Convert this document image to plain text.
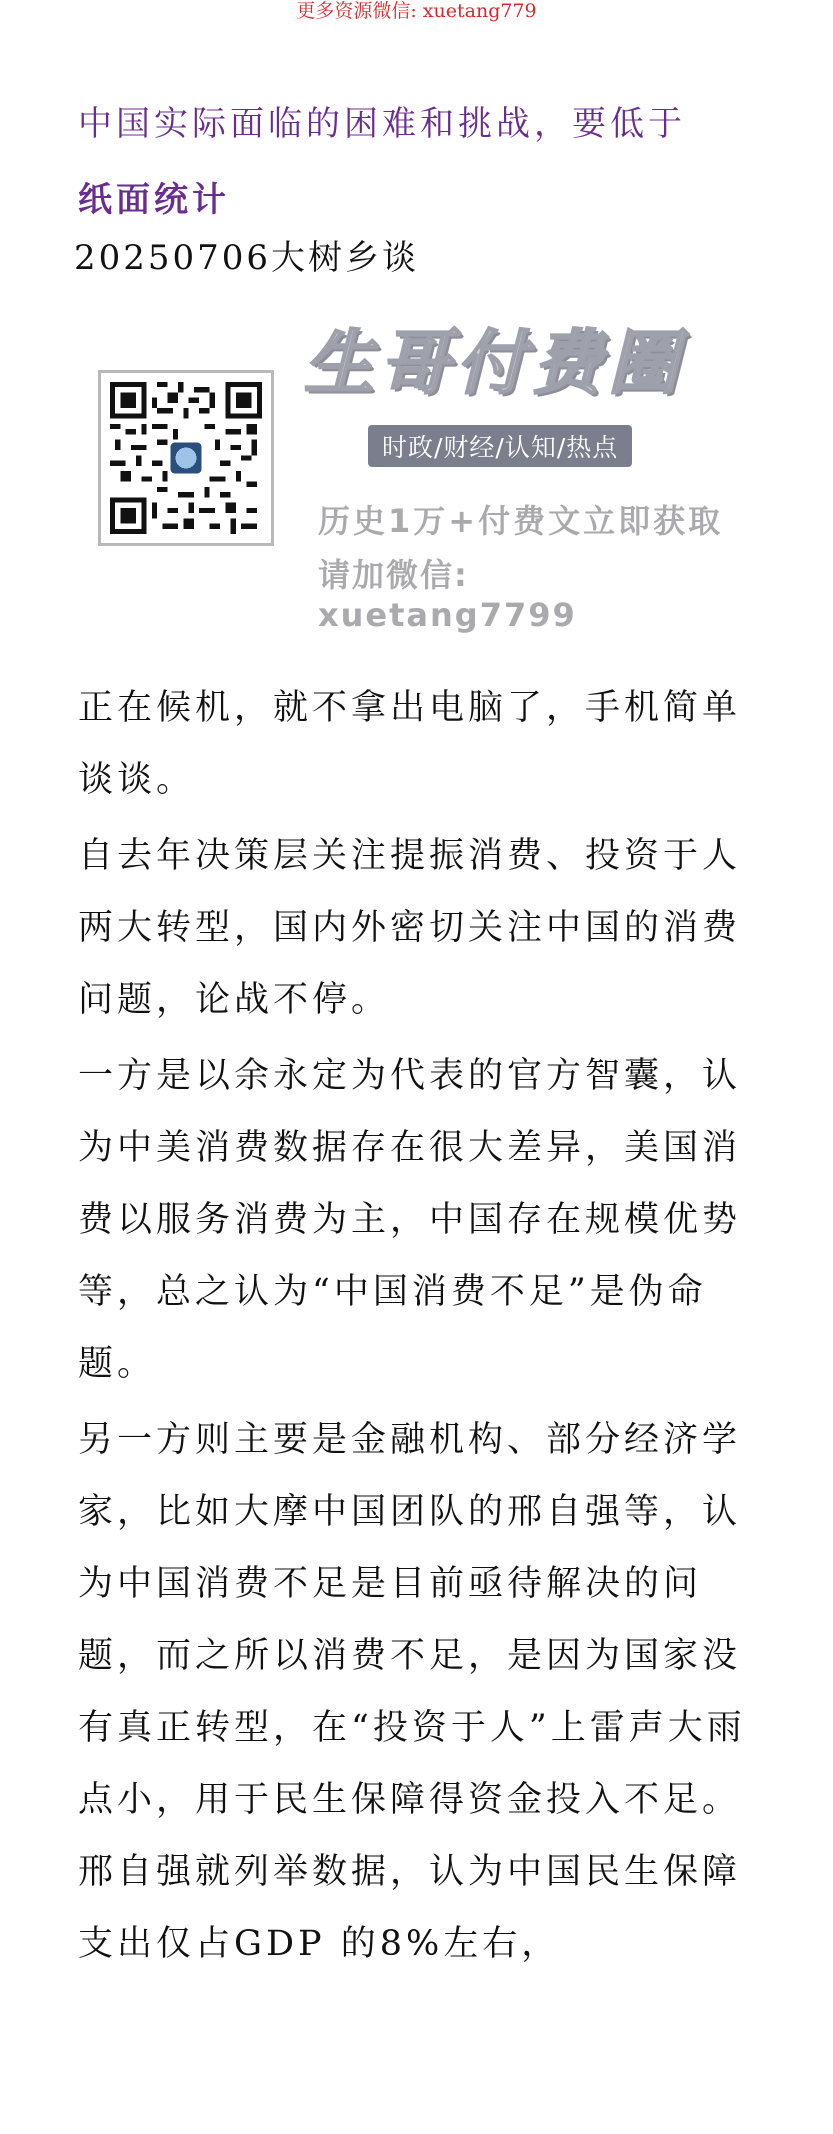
更多资源微信: xuetang779
中国实际面临的困难和挑战，要低于
纸面统计
20250706大树乡谈
生哥付费圈
时政/财经/认知/热点
历史1万+付费文立即获取
请加微信: xuetang7799

正在候机，就不拿出电脑了，手机简单谈谈。

自去年决策层关注提振消费、投资于人两大转型，国内外密切关注中国的消费问题，论战不停。

一方是以余永定为代表的官方智囊，认为中美消费数据存在很大差异，美国消费以服务消费为主，中国存在规模优势等，总之认为“中国消费不足”是伪命题。

另一方则主要是金融机构、部分经济学家，比如大摩中国团队的邢自强等，认为中国消费不足是目前亟待解决的问题，而之所以消费不足，是因为国家没有真正转型，在“投资于人”上雷声大雨点小，用于民生保障得资金投入不足。邢自强就列举数据，认为中国民生保障支出仅占GDP 的8%左右，
